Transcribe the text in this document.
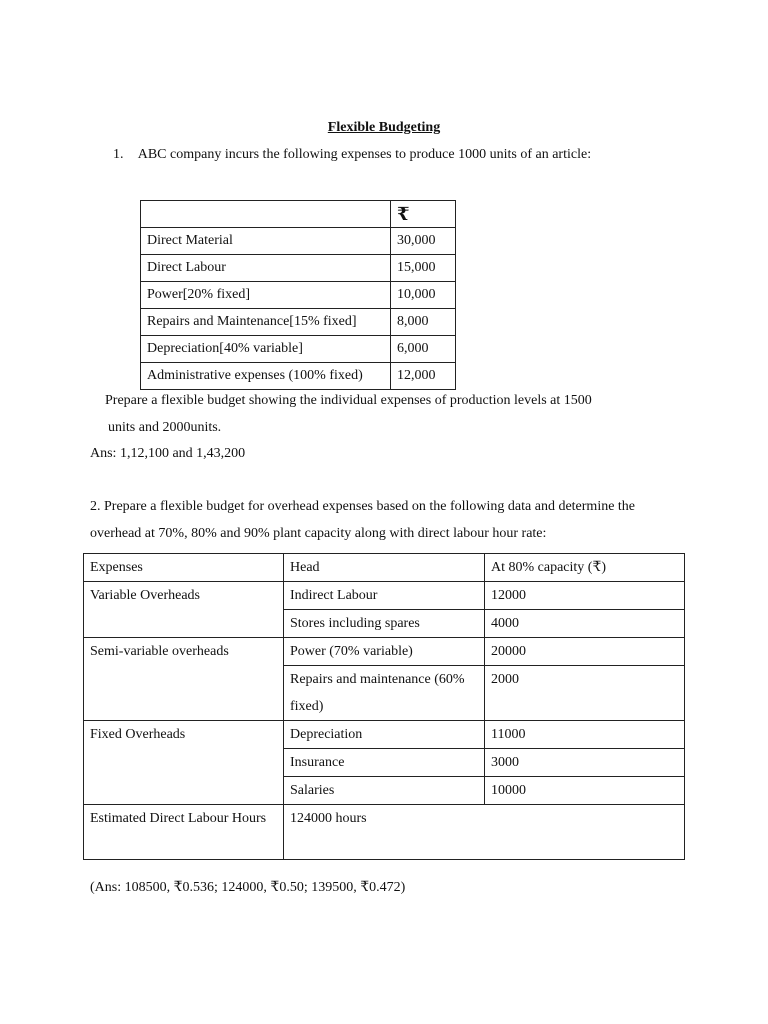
Flexible Budgeting
1. ABC company incurs the following expenses to produce 1000 units of an article:
	₹
Direct Material	30,000
Direct Labour	15,000
Power[20% fixed]	10,000
Repairs and Maintenance[15% fixed]	8,000
Depreciation[40% variable]	6,000
Administrative expenses (100% fixed)	12,000
Prepare a flexible budget showing the individual expenses of production levels at 1500
units and 2000units.
Ans: 1,12,100 and 1,43,200
2. Prepare a flexible budget for overhead expenses based on the following data and determine the
overhead at 70%, 80% and 90% plant capacity along with direct labour hour rate:
Expenses	Head	At 80% capacity (₹)
Variable Overheads	Indirect Labour	12000
	Stores including spares	4000
Semi-variable overheads	Power (70% variable)	20000
	Repairs and maintenance (60% fixed)	2000
Fixed Overheads	Depreciation	11000
	Insurance	3000
	Salaries	10000
Estimated Direct Labour Hours	124000 hours	
(Ans: 108500, ₹0.536; 124000, ₹0.50; 139500, ₹0.472)
